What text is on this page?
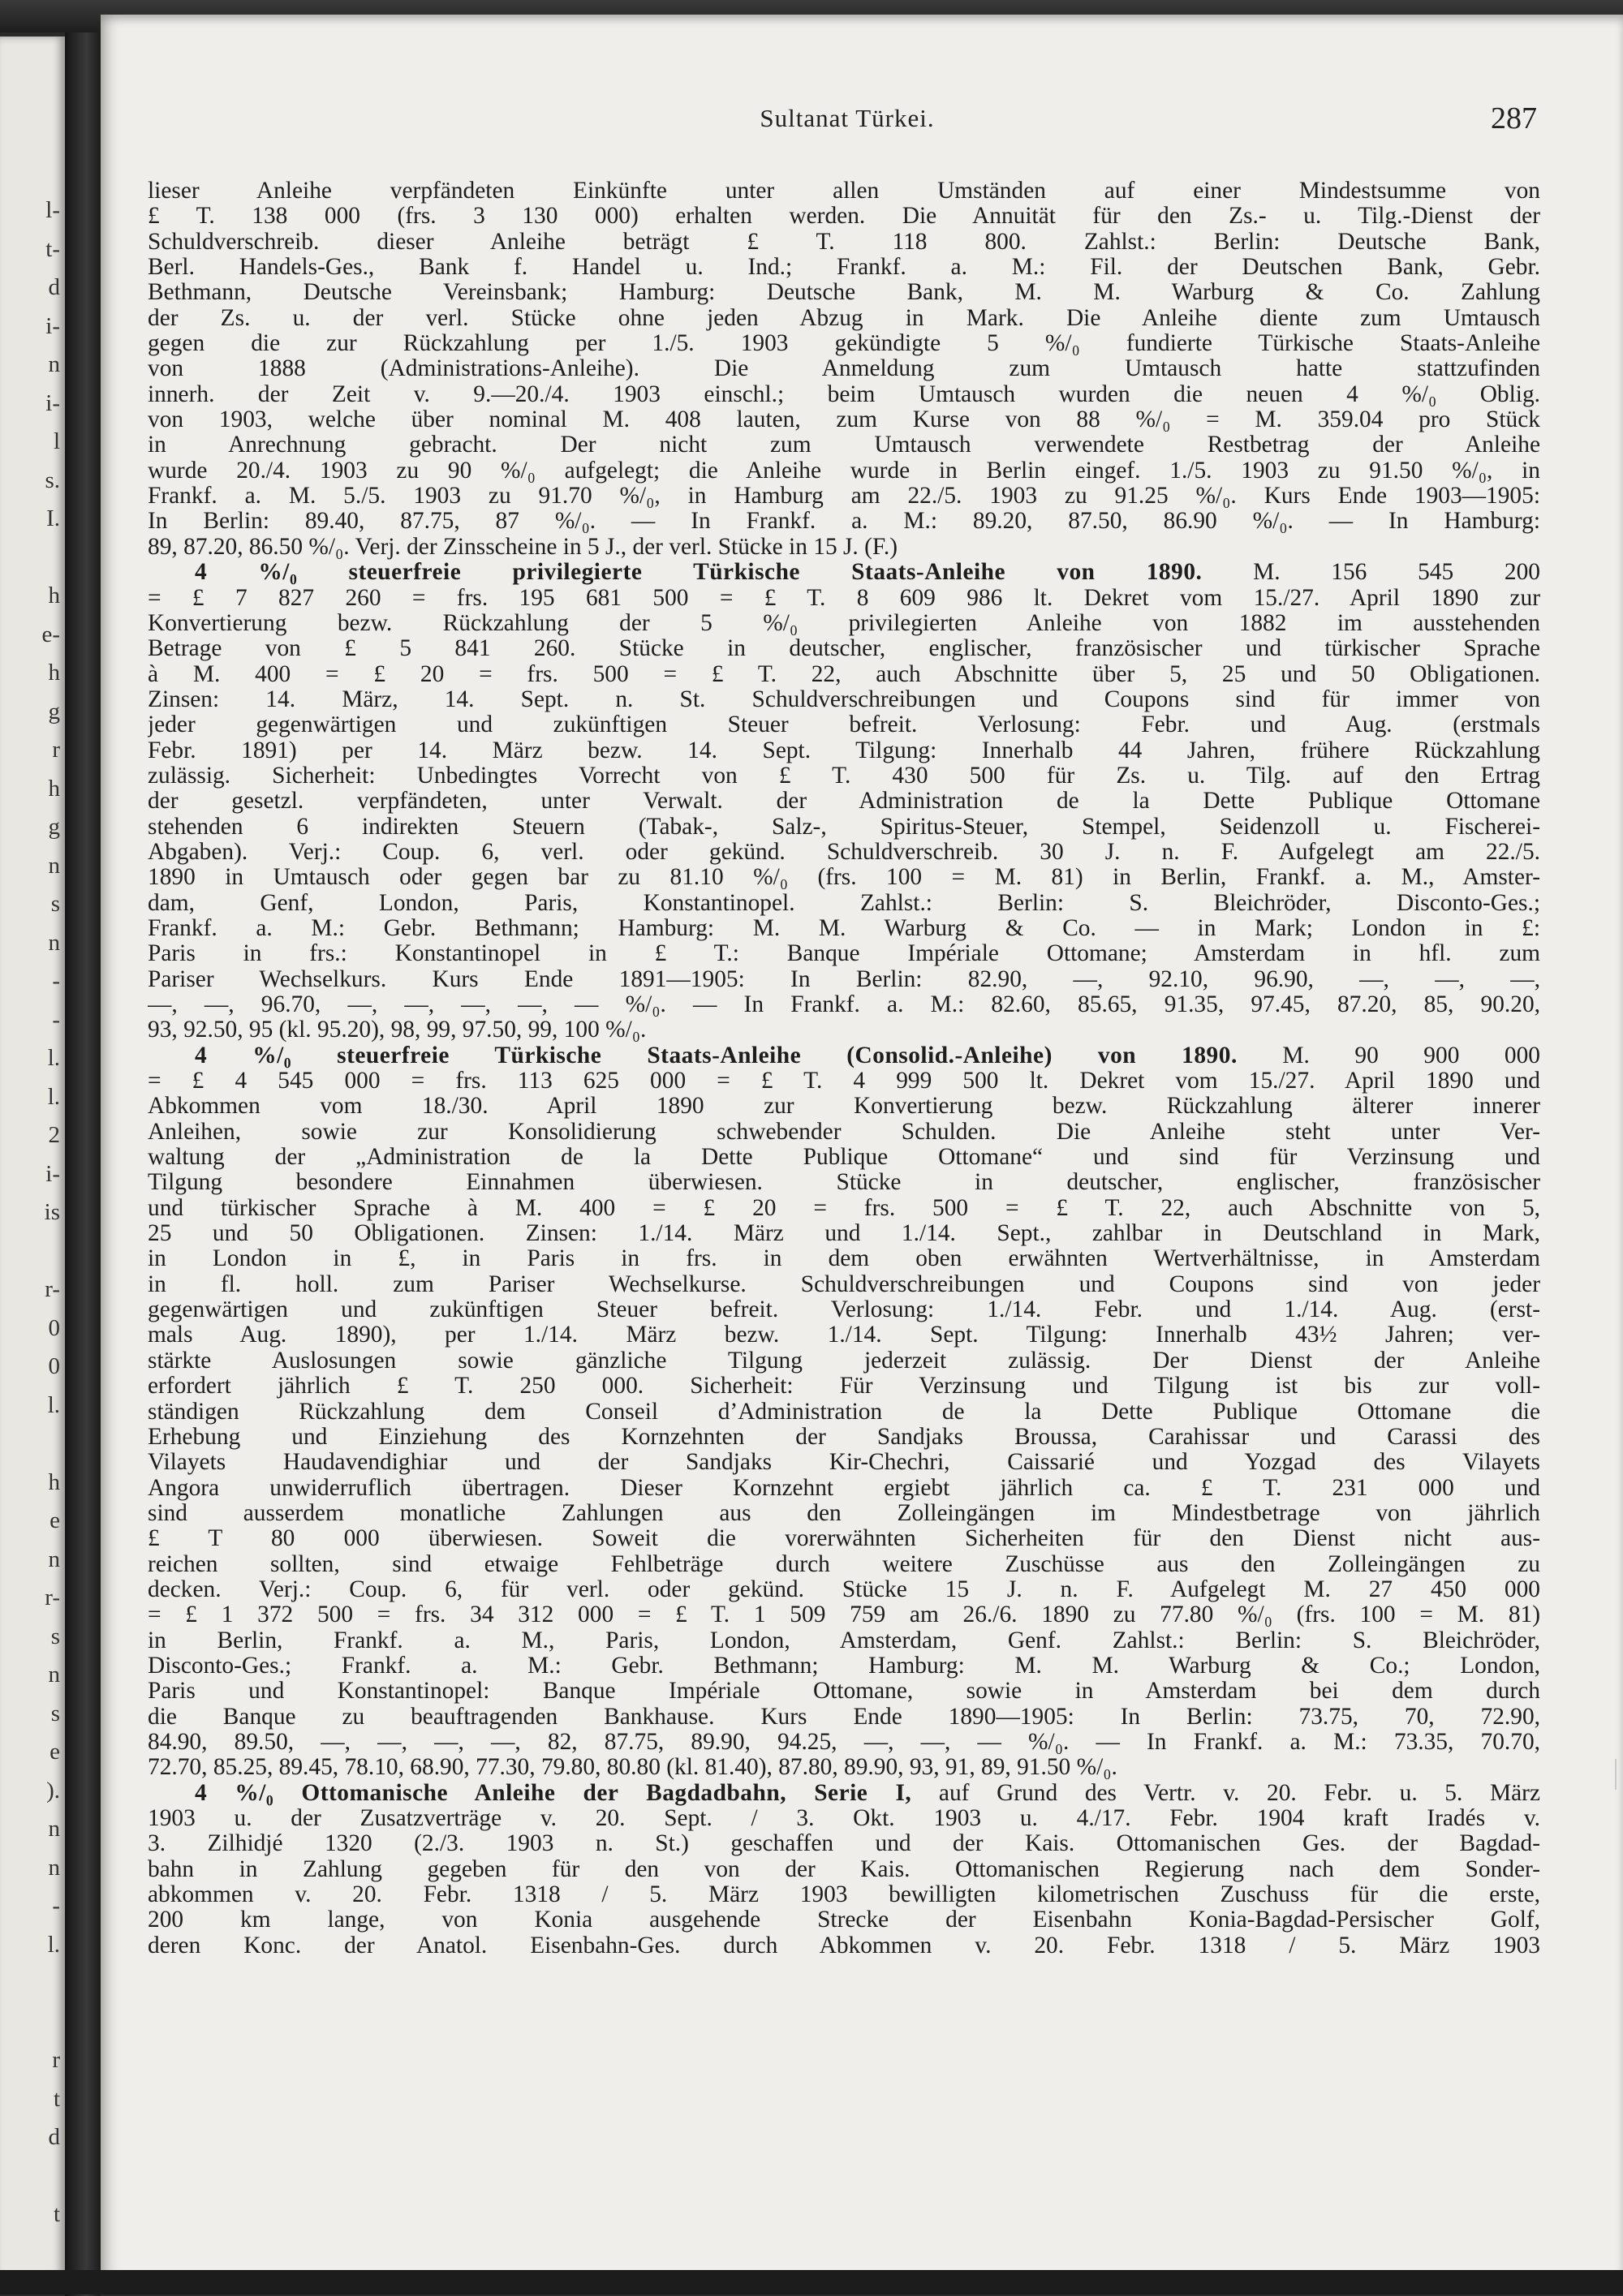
l-
t-
d
i-
n
i-
l
s.
I.
h
e-
h
g
r
h
g
n
s
n
-
-
l.
l.
2
i-
is
r-
0
0
l.
h
e
n
r-
s
n
s
e
).
n
n
-
l.
r
t
d
t
Sultanat Türkei.	287
lieser Anleihe verpfändeten Einkünfte unter allen Umständen auf einer Mindestsumme von
£ T. 138 000 (frs. 3 130 000) erhalten werden. Die Annuität für den Zs.- u. Tilg.-Dienst der
Schuldverschreib. dieser Anleihe beträgt £ T. 118 800. Zahlst.: Berlin: Deutsche Bank,
Berl. Handels-Ges., Bank f. Handel u. Ind.; Frankf. a. M.: Fil. der Deutschen Bank, Gebr.
Bethmann, Deutsche Vereinsbank; Hamburg: Deutsche Bank, M. M. Warburg & Co. Zahlung
der Zs. u. der verl. Stücke ohne jeden Abzug in Mark. Die Anleihe diente zum Umtausch
gegen die zur Rückzahlung per 1./5. 1903 gekündigte 5 %/₀ fundierte Türkische Staats-Anleihe
von 1888 (Administrations-Anleihe). Die Anmeldung zum Umtausch hatte stattzufinden
innerh. der Zeit v. 9.—20./4. 1903 einschl.; beim Umtausch wurden die neuen 4 %/₀ Oblig.
von 1903, welche über nominal M. 408 lauten, zum Kurse von 88 %/₀ = M. 359.04 pro Stück
in Anrechnung gebracht. Der nicht zum Umtausch verwendete Restbetrag der Anleihe
wurde 20./4. 1903 zu 90 %/₀ aufgelegt; die Anleihe wurde in Berlin eingef. 1./5. 1903 zu 91.50 %/₀, in
Frankf. a. M. 5./5. 1903 zu 91.70 %/₀, in Hamburg am 22./5. 1903 zu 91.25 %/₀. Kurs Ende 1903—1905:
In Berlin: 89.40, 87.75, 87 %/₀. — In Frankf. a. M.: 89.20, 87.50, 86.90 %/₀. — In Hamburg:
89, 87.20, 86.50 %/₀. Verj. der Zinsscheine in 5 J., der verl. Stücke in 15 J. (F.)
4 %/₀ steuerfreie privilegierte Türkische Staats-Anleihe von 1890. M. 156 545 200
= £ 7 827 260 = frs. 195 681 500 = £ T. 8 609 986 lt. Dekret vom 15./27. April 1890 zur
Konvertierung bezw. Rückzahlung der 5 %/₀ privilegierten Anleihe von 1882 im ausstehenden
Betrage von £ 5 841 260. Stücke in deutscher, englischer, französischer und türkischer Sprache
à M. 400 = £ 20 = frs. 500 = £ T. 22, auch Abschnitte über 5, 25 und 50 Obligationen.
Zinsen: 14. März, 14. Sept. n. St. Schuldverschreibungen und Coupons sind für immer von
jeder gegenwärtigen und zukünftigen Steuer befreit. Verlosung: Febr. und Aug. (erstmals
Febr. 1891) per 14. März bezw. 14. Sept. Tilgung: Innerhalb 44 Jahren, frühere Rückzahlung
zulässig. Sicherheit: Unbedingtes Vorrecht von £ T. 430 500 für Zs. u. Tilg. auf den Ertrag
der gesetzl. verpfändeten, unter Verwalt. der Administration de la Dette Publique Ottomane
stehenden 6 indirekten Steuern (Tabak-, Salz-, Spiritus-Steuer, Stempel, Seidenzoll u. Fischerei-
Abgaben). Verj.: Coup. 6, verl. oder gekünd. Schuldverschreib. 30 J. n. F. Aufgelegt am 22./5.
1890 in Umtausch oder gegen bar zu 81.10 %/₀ (frs. 100 = M. 81) in Berlin, Frankf. a. M., Amster-
dam, Genf, London, Paris, Konstantinopel. Zahlst.: Berlin: S. Bleichröder, Disconto-Ges.;
Frankf. a. M.: Gebr. Bethmann; Hamburg: M. M. Warburg & Co. — in Mark; London in £:
Paris in frs.: Konstantinopel in £ T.: Banque Impériale Ottomane; Amsterdam in hfl. zum
Pariser Wechselkurs. Kurs Ende 1891—1905: In Berlin: 82.90, —, 92.10, 96.90, —, —, —,
—, —, 96.70, —, —, —, —, — %/₀. — In Frankf. a. M.: 82.60, 85.65, 91.35, 97.45, 87.20, 85, 90.20,
93, 92.50, 95 (kl. 95.20), 98, 99, 97.50, 99, 100 %/₀.
4 %/₀ steuerfreie Türkische Staats-Anleihe (Consolid.-Anleihe) von 1890. M. 90 900 000
= £ 4 545 000 = frs. 113 625 000 = £ T. 4 999 500 lt. Dekret vom 15./27. April 1890 und
Abkommen vom 18./30. April 1890 zur Konvertierung bezw. Rückzahlung älterer innerer
Anleihen, sowie zur Konsolidierung schwebender Schulden. Die Anleihe steht unter Ver-
waltung der „Administration de la Dette Publique Ottomane“ und sind für Verzinsung und
Tilgung besondere Einnahmen überwiesen. Stücke in deutscher, englischer, französischer
und türkischer Sprache à M. 400 = £ 20 = frs. 500 = £ T. 22, auch Abschnitte von 5,
25 und 50 Obligationen. Zinsen: 1./14. März und 1./14. Sept., zahlbar in Deutschland in Mark,
in London in £, in Paris in frs. in dem oben erwähnten Wertverhältnisse, in Amsterdam
in fl. holl. zum Pariser Wechselkurse. Schuldverschreibungen und Coupons sind von jeder
gegenwärtigen und zukünftigen Steuer befreit. Verlosung: 1./14. Febr. und 1./14. Aug. (erst-
mals Aug. 1890), per 1./14. März bezw. 1./14. Sept. Tilgung: Innerhalb 43½ Jahren; ver-
stärkte Auslosungen sowie gänzliche Tilgung jederzeit zulässig. Der Dienst der Anleihe
erfordert jährlich £ T. 250 000. Sicherheit: Für Verzinsung und Tilgung ist bis zur voll-
ständigen Rückzahlung dem Conseil d’Administration de la Dette Publique Ottomane die
Erhebung und Einziehung des Kornzehnten der Sandjaks Broussa, Carahissar und Carassi des
Vilayets Haudavendighiar und der Sandjaks Kir-Chechri, Caissarié und Yozgad des Vilayets
Angora unwiderruflich übertragen. Dieser Kornzehnt ergiebt jährlich ca. £ T. 231 000 und
sind ausserdem monatliche Zahlungen aus den Zolleingängen im Mindestbetrage von jährlich
£ T 80 000 überwiesen. Soweit die vorerwähnten Sicherheiten für den Dienst nicht aus-
reichen sollten, sind etwaige Fehlbeträge durch weitere Zuschüsse aus den Zolleingängen zu
decken. Verj.: Coup. 6, für verl. oder gekünd. Stücke 15 J. n. F. Aufgelegt M. 27 450 000
= £ 1 372 500 = frs. 34 312 000 = £ T. 1 509 759 am 26./6. 1890 zu 77.80 %/₀ (frs. 100 = M. 81)
in Berlin, Frankf. a. M., Paris, London, Amsterdam, Genf. Zahlst.: Berlin: S. Bleichröder,
Disconto-Ges.; Frankf. a. M.: Gebr. Bethmann; Hamburg: M. M. Warburg & Co.; London,
Paris und Konstantinopel: Banque Impériale Ottomane, sowie in Amsterdam bei dem durch
die Banque zu beauftragenden Bankhause. Kurs Ende 1890—1905: In Berlin: 73.75, 70, 72.90,
84.90, 89.50, —, —, —, —, 82, 87.75, 89.90, 94.25, —, —, — %/₀. — In Frankf. a. M.: 73.35, 70.70,
72.70, 85.25, 89.45, 78.10, 68.90, 77.30, 79.80, 80.80 (kl. 81.40), 87.80, 89.90, 93, 91, 89, 91.50 %/₀.
4 %/₀ Ottomanische Anleihe der Bagdadbahn, Serie I, auf Grund des Vertr. v. 20. Febr. u. 5. März
1903 u. der Zusatzverträge v. 20. Sept. / 3. Okt. 1903 u. 4./17. Febr. 1904 kraft Iradés v.
3. Zilhidjé 1320 (2./3. 1903 n. St.) geschaffen und der Kais. Ottomanischen Ges. der Bagdad-
bahn in Zahlung gegeben für den von der Kais. Ottomanischen Regierung nach dem Sonder-
abkommen v. 20. Febr. 1318 / 5. März 1903 bewilligten kilometrischen Zuschuss für die erste,
200 km lange, von Konia ausgehende Strecke der Eisenbahn Konia-Bagdad-Persischer Golf,
deren Konc. der Anatol. Eisenbahn-Ges. durch Abkommen v. 20. Febr. 1318 / 5. März 1903
